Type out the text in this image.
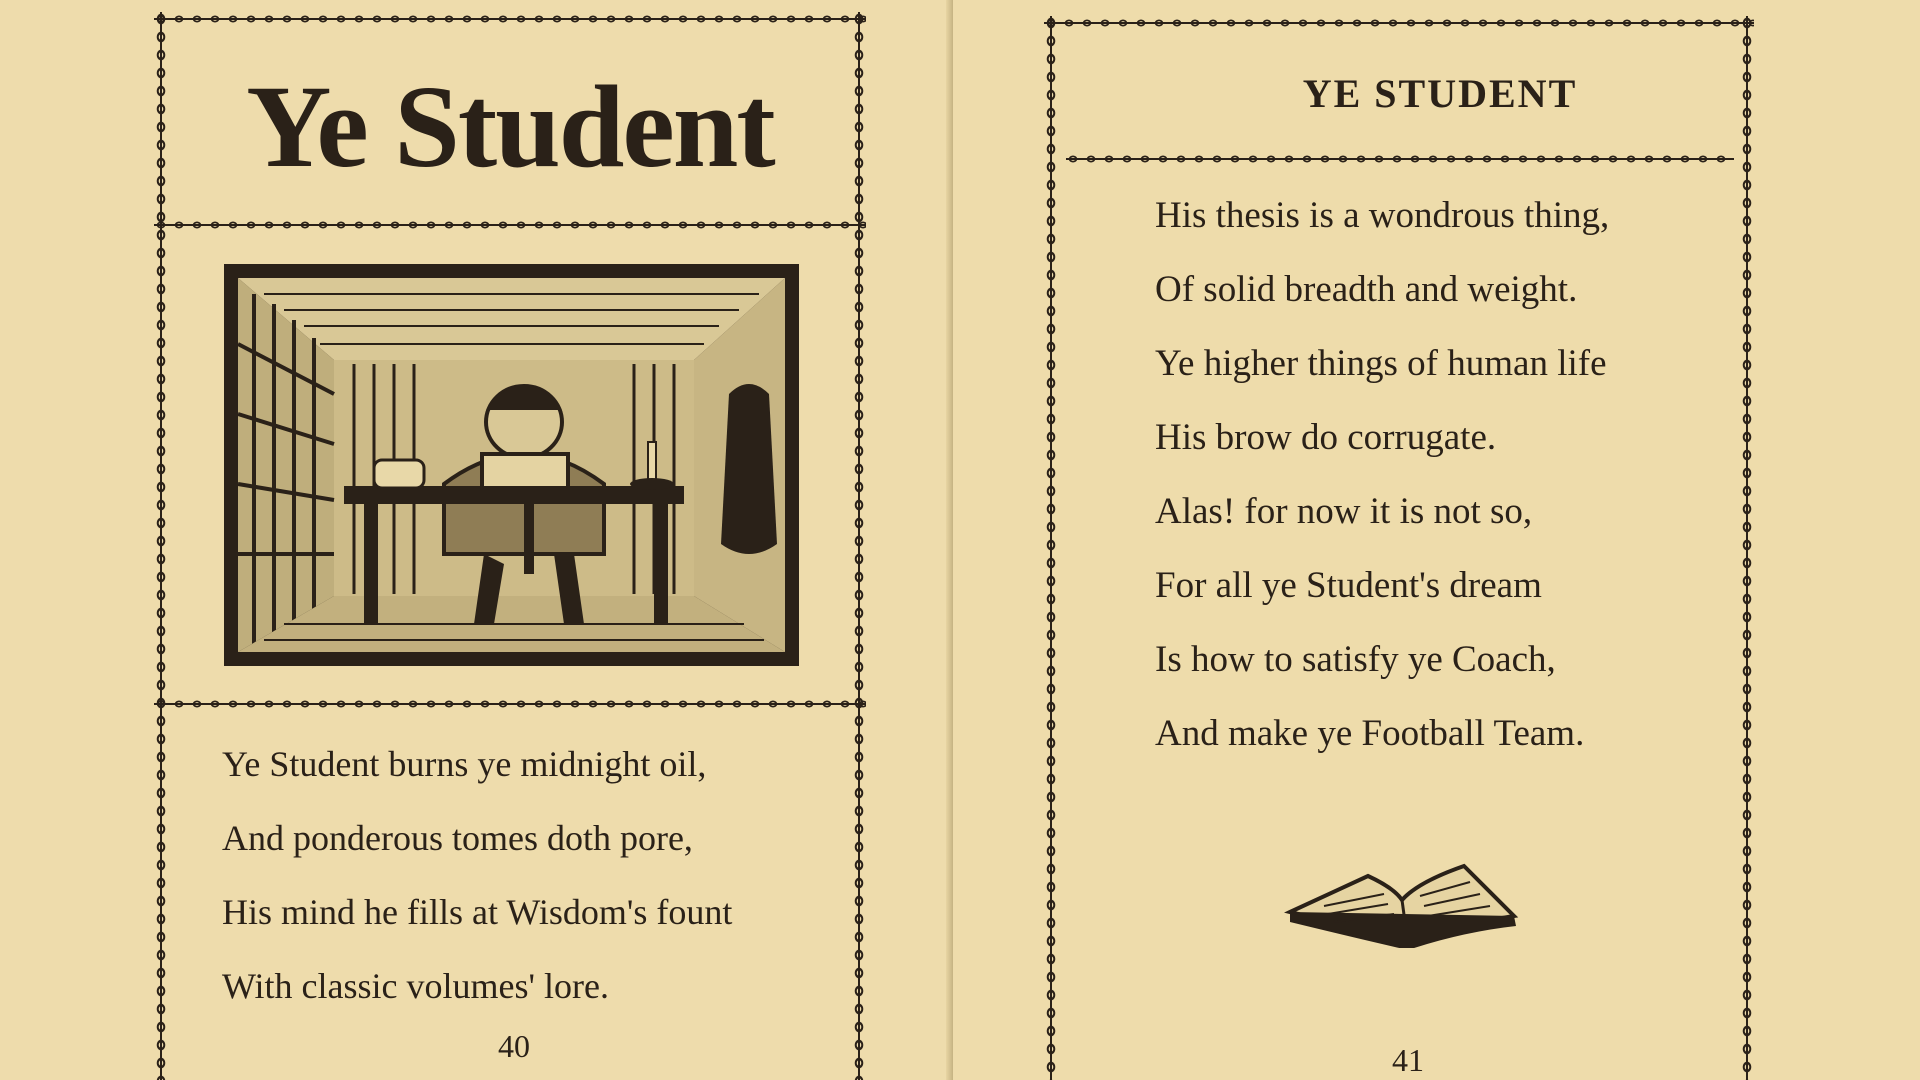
Ye Student
Ye Student burns ye midnight oil,
And ponderous tomes doth pore,
His mind he fills at Wisdom's fount
With classic volumes' lore.
40
YE STUDENT
His thesis is a wondrous thing,
Of solid breadth and weight.
Ye higher things of human life
His brow do corrugate.
Alas! for now it is not so,
For all ye Student's dream
Is how to satisfy ye Coach,
And make ye Football Team.
41
